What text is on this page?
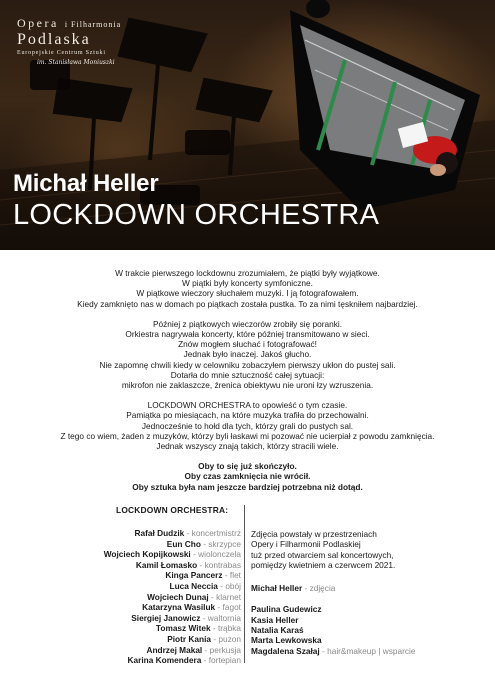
Opera i Filharmonia
Podlaska
Europejskie Centrum Sztuki
im. Stanisława Moniuszki
Michał Heller
LOCKDOWN ORCHESTRA

W trakcie pierwszego lockdownu zrozumiałem, że piątki były wyjątkowe.
W piątki były koncerty symfoniczne.
W piątkowe wieczory słuchałem muzyki. I ją fotografowałem.
Kiedy zamknięto nas w domach po piątkach została pustka. To za nimi tęskniłem najbardziej.

Później z piątkowych wieczorów zrobiły się poranki.
Orkiestra nagrywała koncerty, które później transmitowano w sieci.
Znów mogłem słuchać i fotografować!
Jednak było inaczej. Jakoś głucho.
Nie zapomnę chwili kiedy w celowniku zobaczyłem pierwszy ukłon do pustej sali.
Dotarła do mnie sztuczność całej sytuacji:
mikrofon nie zaklaszcze, źrenica obiektywu nie uroni łzy wzruszenia.

LOCKDOWN ORCHESTRA to opowieść o tym czasie.
Pamiątka po miesiącach, na które muzyka trafiła do przechowalni.
Jednocześnie to hołd dla tych, którzy grali do pustych sal.
Z tego co wiem, żaden z muzyków, którzy byli łaskawi mi pozować nie ucierpiał z powodu zamknięcia.
Jednak wszyscy znają takich, którzy stracili wiele.

Oby to się już skończyło.
Oby czas zamknięcia nie wrócił.
Oby sztuka była nam jeszcze bardziej potrzebna niż dotąd.

LOCKDOWN ORCHESTRA:
Rafał Dudzik - koncertmistrz
Eun Cho - skrzypce
Wojciech Kopijkowski - wiolonczela
Kamil Łomasko - kontrabas
Kinga Pancerz - flet
Luca Neccia - obój
Wojciech Dunaj - klarnet
Katarzyna Wasiluk - fagot
Siergiej Janowicz - waltornia
Tomasz Witek - trąbka
Piotr Kania - puzon
Andrzej Makal - perkusja
Karina Komendera - fortepian
Zdjęcia powstały w przestrzeniach
Opery i Filharmonii Podlaskiej
tuż przed otwarciem sal koncertowych,
pomiędzy kwietniem a czerwcem 2021.
Michał Heller - zdjęcia
Paulina Gudewicz
Kasia Heller
Natalia Karaś
Marta Lewkowska
Magdalena Szałaj - hair&makeup | wsparcie
